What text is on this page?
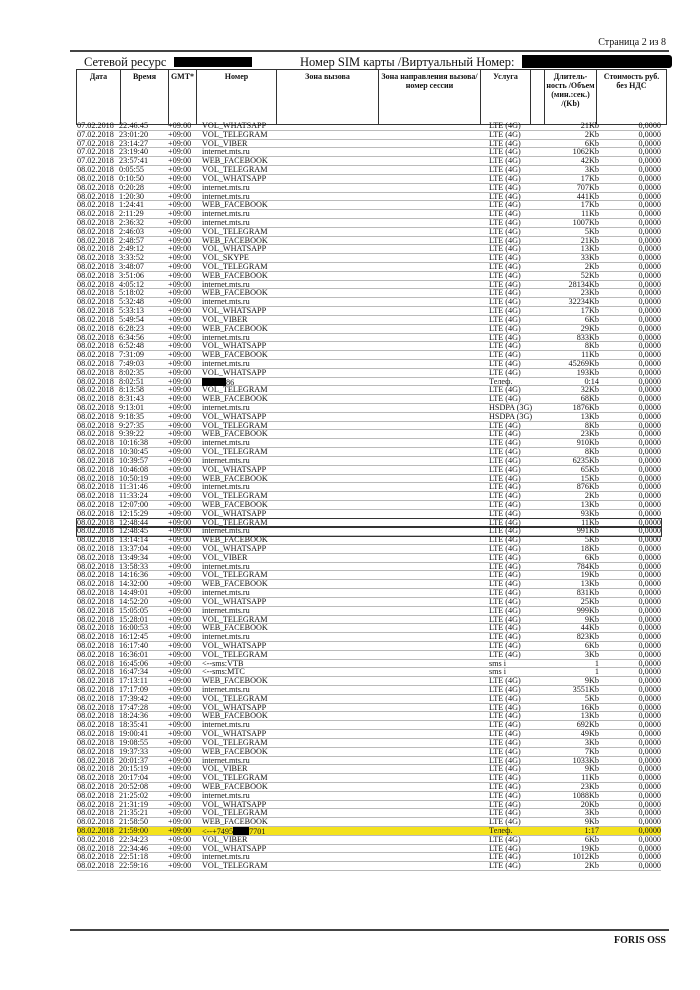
Страница 2 из 8
Сетевой ресурс	Номер SIM карты /Виртуальный Номер:
Дата	Время	GMT*	Номер	Зона вызова	Зона направления вызова/номер сессии	Услуга		Длитель-ность /Объем (мин.:сек.) /(Kb)	Стоимость руб. без НДС
07.02.2018 22:46:45 +09:00 VOL_WHATSAPP	LTE (4G)	21Kb	0,0000
07.02.2018 23:01:20 +09:00 VOL_TELEGRAM	LTE (4G)	2Kb	0,0000
07.02.2018 23:14:27 +09:00 VOL_VIBER	LTE (4G)	6Kb	0,0000
07.02.2018 23:19:40 +09:00 internet.mts.ru	LTE (4G)	1062Kb	0,0000
07.02.2018 23:57:41 +09:00 WEB_FACEBOOK	LTE (4G)	42Kb	0,0000
08.02.2018 0:05:55	+09:00 VOL_TELEGRAM	LTE (4G)	3Kb	0,0000
08.02.2018 0:10:50	+09:00 VOL_WHATSAPP	LTE (4G)	17Kb	0,0000
08.02.2018 0:20:28	+09:00 internet.mts.ru	LTE (4G)	707Kb	0,0000
08.02.2018 1:20:30	+09:00 internet.mts.ru	LTE (4G)	441Kb	0,0000
08.02.2018 1:24:41	+09:00 WEB_FACEBOOK	LTE (4G)	17Kb	0,0000
08.02.2018 2:11:29	+09:00 internet.mts.ru	LTE (4G)	11Kb	0,0000
08.02.2018 2:36:32	+09:00 internet.mts.ru	LTE (4G)	1007Kb	0,0000
08.02.2018 2:46:03	+09:00 VOL_TELEGRAM	LTE (4G)	5Kb	0,0000
08.02.2018 2:48:57	+09:00 WEB_FACEBOOK	LTE (4G)	21Kb	0,0000
08.02.2018 2:49:12	+09:00 VOL_WHATSAPP	LTE (4G)	13Kb	0,0000
08.02.2018 3:33:52	+09:00 VOL_SKYPE	LTE (4G)	33Kb	0,0000
08.02.2018 3:48:07	+09:00 VOL_TELEGRAM	LTE (4G)	2Kb	0,0000
08.02.2018 3:51:06	+09:00 WEB_FACEBOOK	LTE (4G)	52Kb	0,0000
08.02.2018 4:05:12	+09:00 internet.mts.ru	LTE (4G)	28134Kb	0,0000
08.02.2018 5:18:02	+09:00 WEB_FACEBOOK	LTE (4G)	23Kb	0,0000
08.02.2018 5:32:48	+09:00 internet.mts.ru	LTE (4G)	32234Kb	0,0000
08.02.2018 5:33:13	+09:00 VOL_WHATSAPP	LTE (4G)	17Kb	0,0000
08.02.2018 5:49:54	+09:00 VOL_VIBER	LTE (4G)	6Kb	0,0000
08.02.2018 6:28:23	+09:00 WEB_FACEBOOK	LTE (4G)	29Kb	0,0000
08.02.2018 6:34:56	+09:00 internet.mts.ru	LTE (4G)	833Kb	0,0000
08.02.2018 6:52:48	+09:00 VOL_WHATSAPP	LTE (4G)	8Kb	0,0000
08.02.2018 7:31:09	+09:00 WEB_FACEBOOK	LTE (4G)	11Kb	0,0000
08.02.2018 7:49:03	+09:00 internet.mts.ru	LTE (4G)	45269Kb	0,0000
08.02.2018 8:02:35	+09:00 VOL_WHATSAPP	LTE (4G)	193Kb	0,0000
08.02.2018 8:02:51	+09:00	86	Телеф.	0:14	0,0000
08.02.2018 8:13:58	+09:00 VOL_TELEGRAM	LTE (4G)	32Kb	0,0000
08.02.2018 8:31:43	+09:00 WEB_FACEBOOK	LTE (4G)	68Kb	0,0000
08.02.2018 9:13:01	+09:00 internet.mts.ru	HSDPA (3G)	1876Kb	0,0000
08.02.2018 9:18:35	+09:00 VOL_WHATSAPP	HSDPA (3G)	13Kb	0,0000
08.02.2018 9:27:35	+09:00 VOL_TELEGRAM	LTE (4G)	8Kb	0,0000
08.02.2018 9:39:22	+09:00 WEB_FACEBOOK	LTE (4G)	23Kb	0,0000
08.02.2018 10:16:38 +09:00 internet.mts.ru	LTE (4G)	910Kb	0,0000
08.02.2018 10:30:45 +09:00 VOL_TELEGRAM	LTE (4G)	8Kb	0,0000
08.02.2018 10:39:57 +09:00 internet.mts.ru	LTE (4G)	6235Kb	0,0000
08.02.2018 10:46:08 +09:00 VOL_WHATSAPP	LTE (4G)	65Kb	0,0000
08.02.2018 10:50:19 +09:00 WEB_FACEBOOK	LTE (4G)	15Kb	0,0000
08.02.2018 11:31:46 +09:00 internet.mts.ru	LTE (4G)	876Kb	0,0000
08.02.2018 11:33:24 +09:00 VOL_TELEGRAM	LTE (4G)	2Kb	0,0000
08.02.2018 12:07:00 +09:00 WEB_FACEBOOK	LTE (4G)	13Kb	0,0000
08.02.2018 12:15:29 +09:00 VOL_WHATSAPP	LTE (4G)	93Kb	0,0000
08.02.2018 12:48:44 +09:00 VOL_TELEGRAM	LTE (4G)	11Kb	0,0000
08.02.2018 12:48:45 +09:00 internet.mts.ru	LTE (4G)	991Kb	0,0000
08.02.2018 13:14:14 +09:00 WEB_FACEBOOK	LTE (4G)	5Kb	0,0000
08.02.2018 13:37:04 +09:00 VOL_WHATSAPP	LTE (4G)	18Kb	0,0000
08.02.2018 13:49:34 +09:00 VOL_VIBER	LTE (4G)	6Kb	0,0000
08.02.2018 13:58:33 +09:00 internet.mts.ru	LTE (4G)	784Kb	0,0000
08.02.2018 14:16:36 +09:00 VOL_TELEGRAM	LTE (4G)	19Kb	0,0000
08.02.2018 14:32:00 +09:00 WEB_FACEBOOK	LTE (4G)	13Kb	0,0000
08.02.2018 14:49:01 +09:00 internet.mts.ru	LTE (4G)	831Kb	0,0000
08.02.2018 14:52:20 +09:00 VOL_WHATSAPP	LTE (4G)	25Kb	0,0000
08.02.2018 15:05:05 +09:00 internet.mts.ru	LTE (4G)	999Kb	0,0000
08.02.2018 15:28:01 +09:00 VOL_TELEGRAM	LTE (4G)	9Kb	0,0000
08.02.2018 16:00:53 +09:00 WEB_FACEBOOK	LTE (4G)	44Kb	0,0000
08.02.2018 16:12:45 +09:00 internet.mts.ru	LTE (4G)	823Kb	0,0000
08.02.2018 16:17:40 +09:00 VOL_WHATSAPP	LTE (4G)	6Kb	0,0000
08.02.2018 16:36:01 +09:00 VOL_TELEGRAM	LTE (4G)	3Kb	0,0000
08.02.2018 16:45:06 +09:00 <--sms:VTB	sms i	1	0,0000
08.02.2018 16:47:34 +09:00 <--sms:MTC	sms i	1	0,0000
08.02.2018 17:13:11 +09:00 WEB_FACEBOOK	LTE (4G)	9Kb	0,0000
08.02.2018 17:17:09 +09:00 internet.mts.ru	LTE (4G)	3551Kb	0,0000
08.02.2018 17:39:42 +09:00 VOL_TELEGRAM	LTE (4G)	5Kb	0,0000
08.02.2018 17:47:28 +09:00 VOL_WHATSAPP	LTE (4G)	16Kb	0,0000
08.02.2018 18:24:36 +09:00 WEB_FACEBOOK	LTE (4G)	13Kb	0,0000
08.02.2018 18:35:41 +09:00 internet.mts.ru	LTE (4G)	692Kb	0,0000
08.02.2018 19:00:41 +09:00 VOL_WHATSAPP	LTE (4G)	49Kb	0,0000
08.02.2018 19:08:55 +09:00 VOL_TELEGRAM	LTE (4G)	3Kb	0,0000
08.02.2018 19:37:33 +09:00 WEB_FACEBOOK	LTE (4G)	7Kb	0,0000
08.02.2018 20:01:37 +09:00 internet.mts.ru	LTE (4G)	1033Kb	0,0000
08.02.2018 20:15:19 +09:00 VOL_VIBER	LTE (4G)	9Kb	0,0000
08.02.2018 20:17:04 +09:00 VOL_TELEGRAM	LTE (4G)	11Kb	0,0000
08.02.2018 20:52:08 +09:00 WEB_FACEBOOK	LTE (4G)	23Kb	0,0000
08.02.2018 21:25:02 +09:00 internet.mts.ru	LTE (4G)	1088Kb	0,0000
08.02.2018 21:31:19 +09:00 VOL_WHATSAPP	LTE (4G)	20Kb	0,0000
08.02.2018 21:35:21 +09:00 VOL_TELEGRAM	LTE (4G)	3Kb	0,0000
08.02.2018 21:58:50 +09:00 WEB_FACEBOOK	LTE (4G)	9Kb	0,0000
08.02.2018 21:59:00 +09:00 <--+7495 7701	Телеф.	1:17	0,0000
08.02.2018 22:34:23 +09:00 VOL_VIBER	LTE (4G)	6Kb	0,0000
08.02.2018 22:34:46 +09:00 VOL_WHATSAPP	LTE (4G)	19Kb	0,0000
08.02.2018 22:51:18 +09:00 internet.mts.ru	LTE (4G)	1012Kb	0,0000
08.02.2018 22:59:16 +09:00 VOL_TELEGRAM	LTE (4G)	2Kb	0,0000
FORIS OSS
